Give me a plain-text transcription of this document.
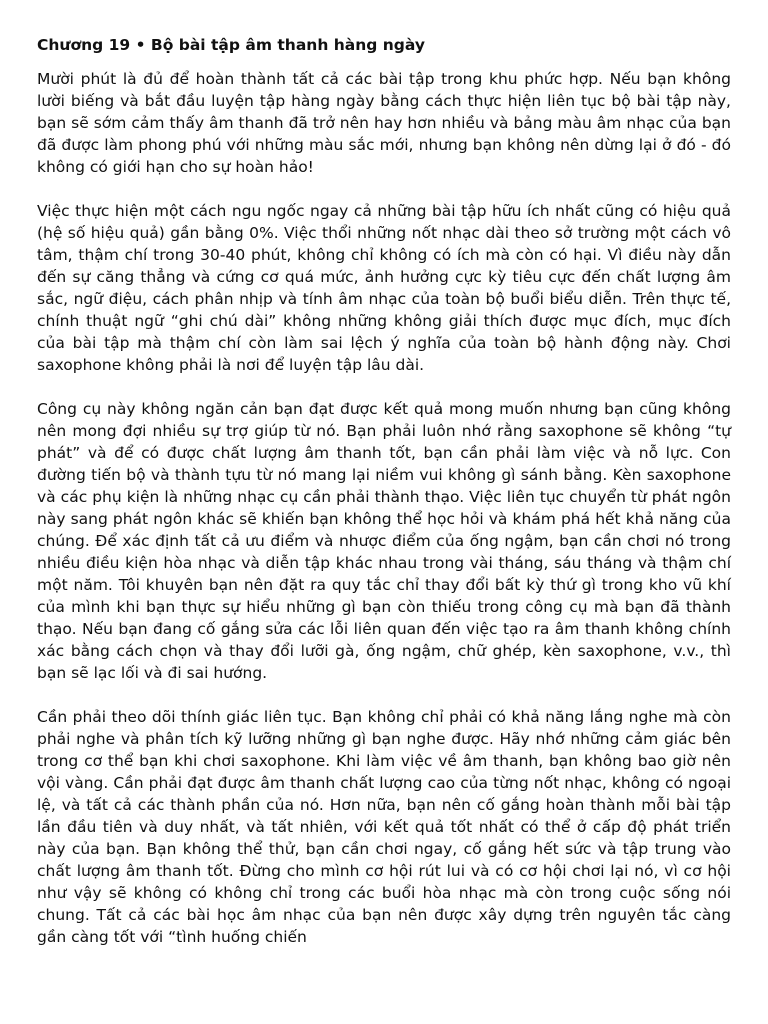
Chương 19 • Bộ bài tập âm thanh hàng ngày

Mười phút là đủ để hoàn thành tất cả các bài tập trong khu phức hợp. Nếu bạn không lười biếng và bắt đầu luyện tập hàng ngày bằng cách thực hiện liên tục bộ bài tập này, bạn sẽ sớm cảm thấy âm thanh đã trở nên hay hơn nhiều và bảng màu âm nhạc của bạn đã được làm phong phú với những màu sắc mới, nhưng bạn không nên dừng lại ở đó - đó không có giới hạn cho sự hoàn hảo!

Việc thực hiện một cách ngu ngốc ngay cả những bài tập hữu ích nhất cũng có hiệu quả (hệ số hiệu quả) gần bằng 0%. Việc thổi những nốt nhạc dài theo sở trường một cách vô tâm, thậm chí trong 30-40 phút, không chỉ không có ích mà còn có hại. Vì điều này dẫn đến sự căng thẳng và cứng cơ quá mức, ảnh hưởng cực kỳ tiêu cực đến chất lượng âm sắc, ngữ điệu, cách phân nhịp và tính âm nhạc của toàn bộ buổi biểu diễn. Trên thực tế, chính thuật ngữ “ghi chú dài” không những không giải thích được mục đích, mục đích của bài tập mà thậm chí còn làm sai lệch ý nghĩa của toàn bộ hành động này. Chơi saxophone không phải là nơi để luyện tập lâu dài.

Công cụ này không ngăn cản bạn đạt được kết quả mong muốn nhưng bạn cũng không nên mong đợi nhiều sự trợ giúp từ nó. Bạn phải luôn nhớ rằng saxophone sẽ không “tự phát” và để có được chất lượng âm thanh tốt, bạn cần phải làm việc và nỗ lực. Con đường tiến bộ và thành tựu từ nó mang lại niềm vui không gì sánh bằng. Kèn saxophone và các phụ kiện là những nhạc cụ cần phải thành thạo. Việc liên tục chuyển từ phát ngôn này sang phát ngôn khác sẽ khiến bạn không thể học hỏi và khám phá hết khả năng của chúng. Để xác định tất cả ưu điểm và nhược điểm của ống ngậm, bạn cần chơi nó trong nhiều điều kiện hòa nhạc và diễn tập khác nhau trong vài tháng, sáu tháng và thậm chí một năm. Tôi khuyên bạn nên đặt ra quy tắc chỉ thay đổi bất kỳ thứ gì trong kho vũ khí của mình khi bạn thực sự hiểu những gì bạn còn thiếu trong công cụ mà bạn đã thành thạo. Nếu bạn đang cố gắng sửa các lỗi liên quan đến việc tạo ra âm thanh không chính xác bằng cách chọn và thay đổi lưỡi gà, ống ngậm, chữ ghép, kèn saxophone, v.v., thì bạn sẽ lạc lối và đi sai hướng.

Cần phải theo dõi thính giác liên tục. Bạn không chỉ phải có khả năng lắng nghe mà còn phải nghe và phân tích kỹ lưỡng những gì bạn nghe được. Hãy nhớ những cảm giác bên trong cơ thể bạn khi chơi saxophone. Khi làm việc về âm thanh, bạn không bao giờ nên vội vàng. Cần phải đạt được âm thanh chất lượng cao của từng nốt nhạc, không có ngoại lệ, và tất cả các thành phần của nó. Hơn nữa, bạn nên cố gắng hoàn thành mỗi bài tập lần đầu tiên và duy nhất, và tất nhiên, với kết quả tốt nhất có thể ở cấp độ phát triển này của bạn. Bạn không thể thử, bạn cần chơi ngay, cố gắng hết sức và tập trung vào chất lượng âm thanh tốt. Đừng cho mình cơ hội rút lui và có cơ hội chơi lại nó, vì cơ hội như vậy sẽ không có không chỉ trong các buổi hòa nhạc mà còn trong cuộc sống nói chung. Tất cả các bài học âm nhạc của bạn nên được xây dựng trên nguyên tắc càng gần càng tốt với “tình huống chiến
